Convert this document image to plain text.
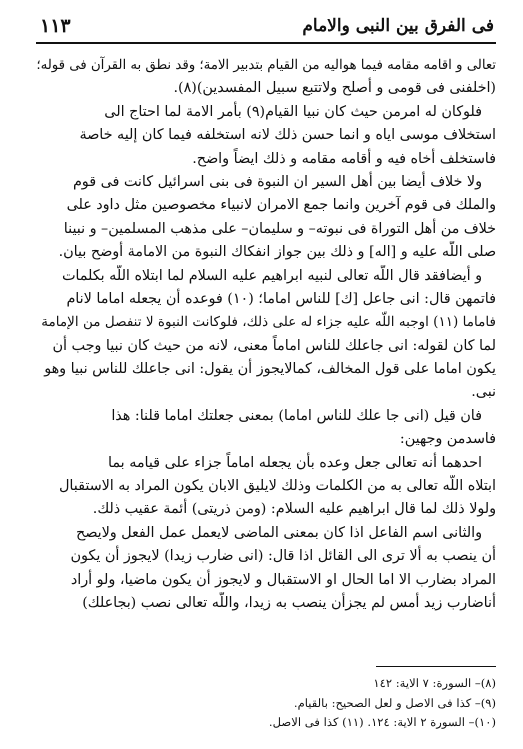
فى الفرق بين النبى والامام
١١٣
تعالى و اقامه مقامه فيما هواليه من القيام بتدبير الامة؛ وقد نطق به القرآن فى قوله؛
(اخلفنى فى قومى و أصلح ولاتتبع سبيل المفسدين)(٨).
فلوكان له امرمن حيث كان نبيا القيام(٩) بأمر الامة لما احتاج الى
استخلاف موسى اياه و انما حسن ذلك لانه استخلفه فيما كان إليه خاصة
فاستخلف أخاه فيه و أقامه مقامه و ذلك ايضاً واضح.
ولا خلاف أيضا بين أهل السير ان النبوة فى بنى اسرائيل كانت فى قوم
والملك فى قوم آخرين وانما جمع الامران لانبياء مخصوصين مثل داود على
خلاف من أهل التوراة فى نبوته– و سليمان– على مذهب المسلمين– و نبينا
صلى اللّه عليه و [اله] و ذلك بين جواز انفكاك النبوة من الامامة أوضح بيان.
و أيضافقد قال اللّه تعالى لنبيه ابراهيم عليه السلام لما ابتلاه اللّه بكلمات
فاتمهن قال: انى جاعل [ك] للناس اماما؛ (١٠) فوعده أن يجعله اماما لانام
فاماما (١١) اوجبه اللّه عليه جزاء له على ذلك، فلوكانت النبوة لا تنفصل من الإمامة
لما كان لقوله: انى جاعلك للناس اماماً معنى، لانه من حيث كان نبيا وجب أن
يكون اماما على قول المخالف، كمالايجوز أن يقول: انى جاعلك للناس نبيا وهو
نبى.
فان قيل (انى جا علك للناس اماما) بمعنى جعلتك اماما قلنا: هذا
فاسدمن وجهين:
احدهما أنه تعالى جعل وعده بأن يجعله اماماً جزاء على قيامه بما
ابتلاه اللّه تعالى به من الكلمات وذلك لايليق الابان يكون المراد به الاستقبال
ولولا ذلك لما قال ابراهيم عليه السلام: (ومن ذريتى) أئمة عقيب ذلك.
والثانى اسم الفاعل اذا كان بمعنى الماضى لايعمل عمل الفعل ولايصح
أن ينصب به ألا ترى الى القائل اذا قال: (انى ضارب زيدا) لايجوز أن يكون
المراد بضارب الا اما الحال او الاستقبال و لايجوز أن يكون ماضيا، ولو أراد
أناضارب زيد أمس لم يجزأن ينصب به زيدا، واللّه تعالى نصب (بجاعلك)
(٨)– السورة: ٧ الاية: ١٤٢
(٩)– كذا فى الاصل و لعل الصحيح: بالقيام.
(١٠)– السورة ٢ الاية: ١٢٤. (١١) كذا فى الاصل.
